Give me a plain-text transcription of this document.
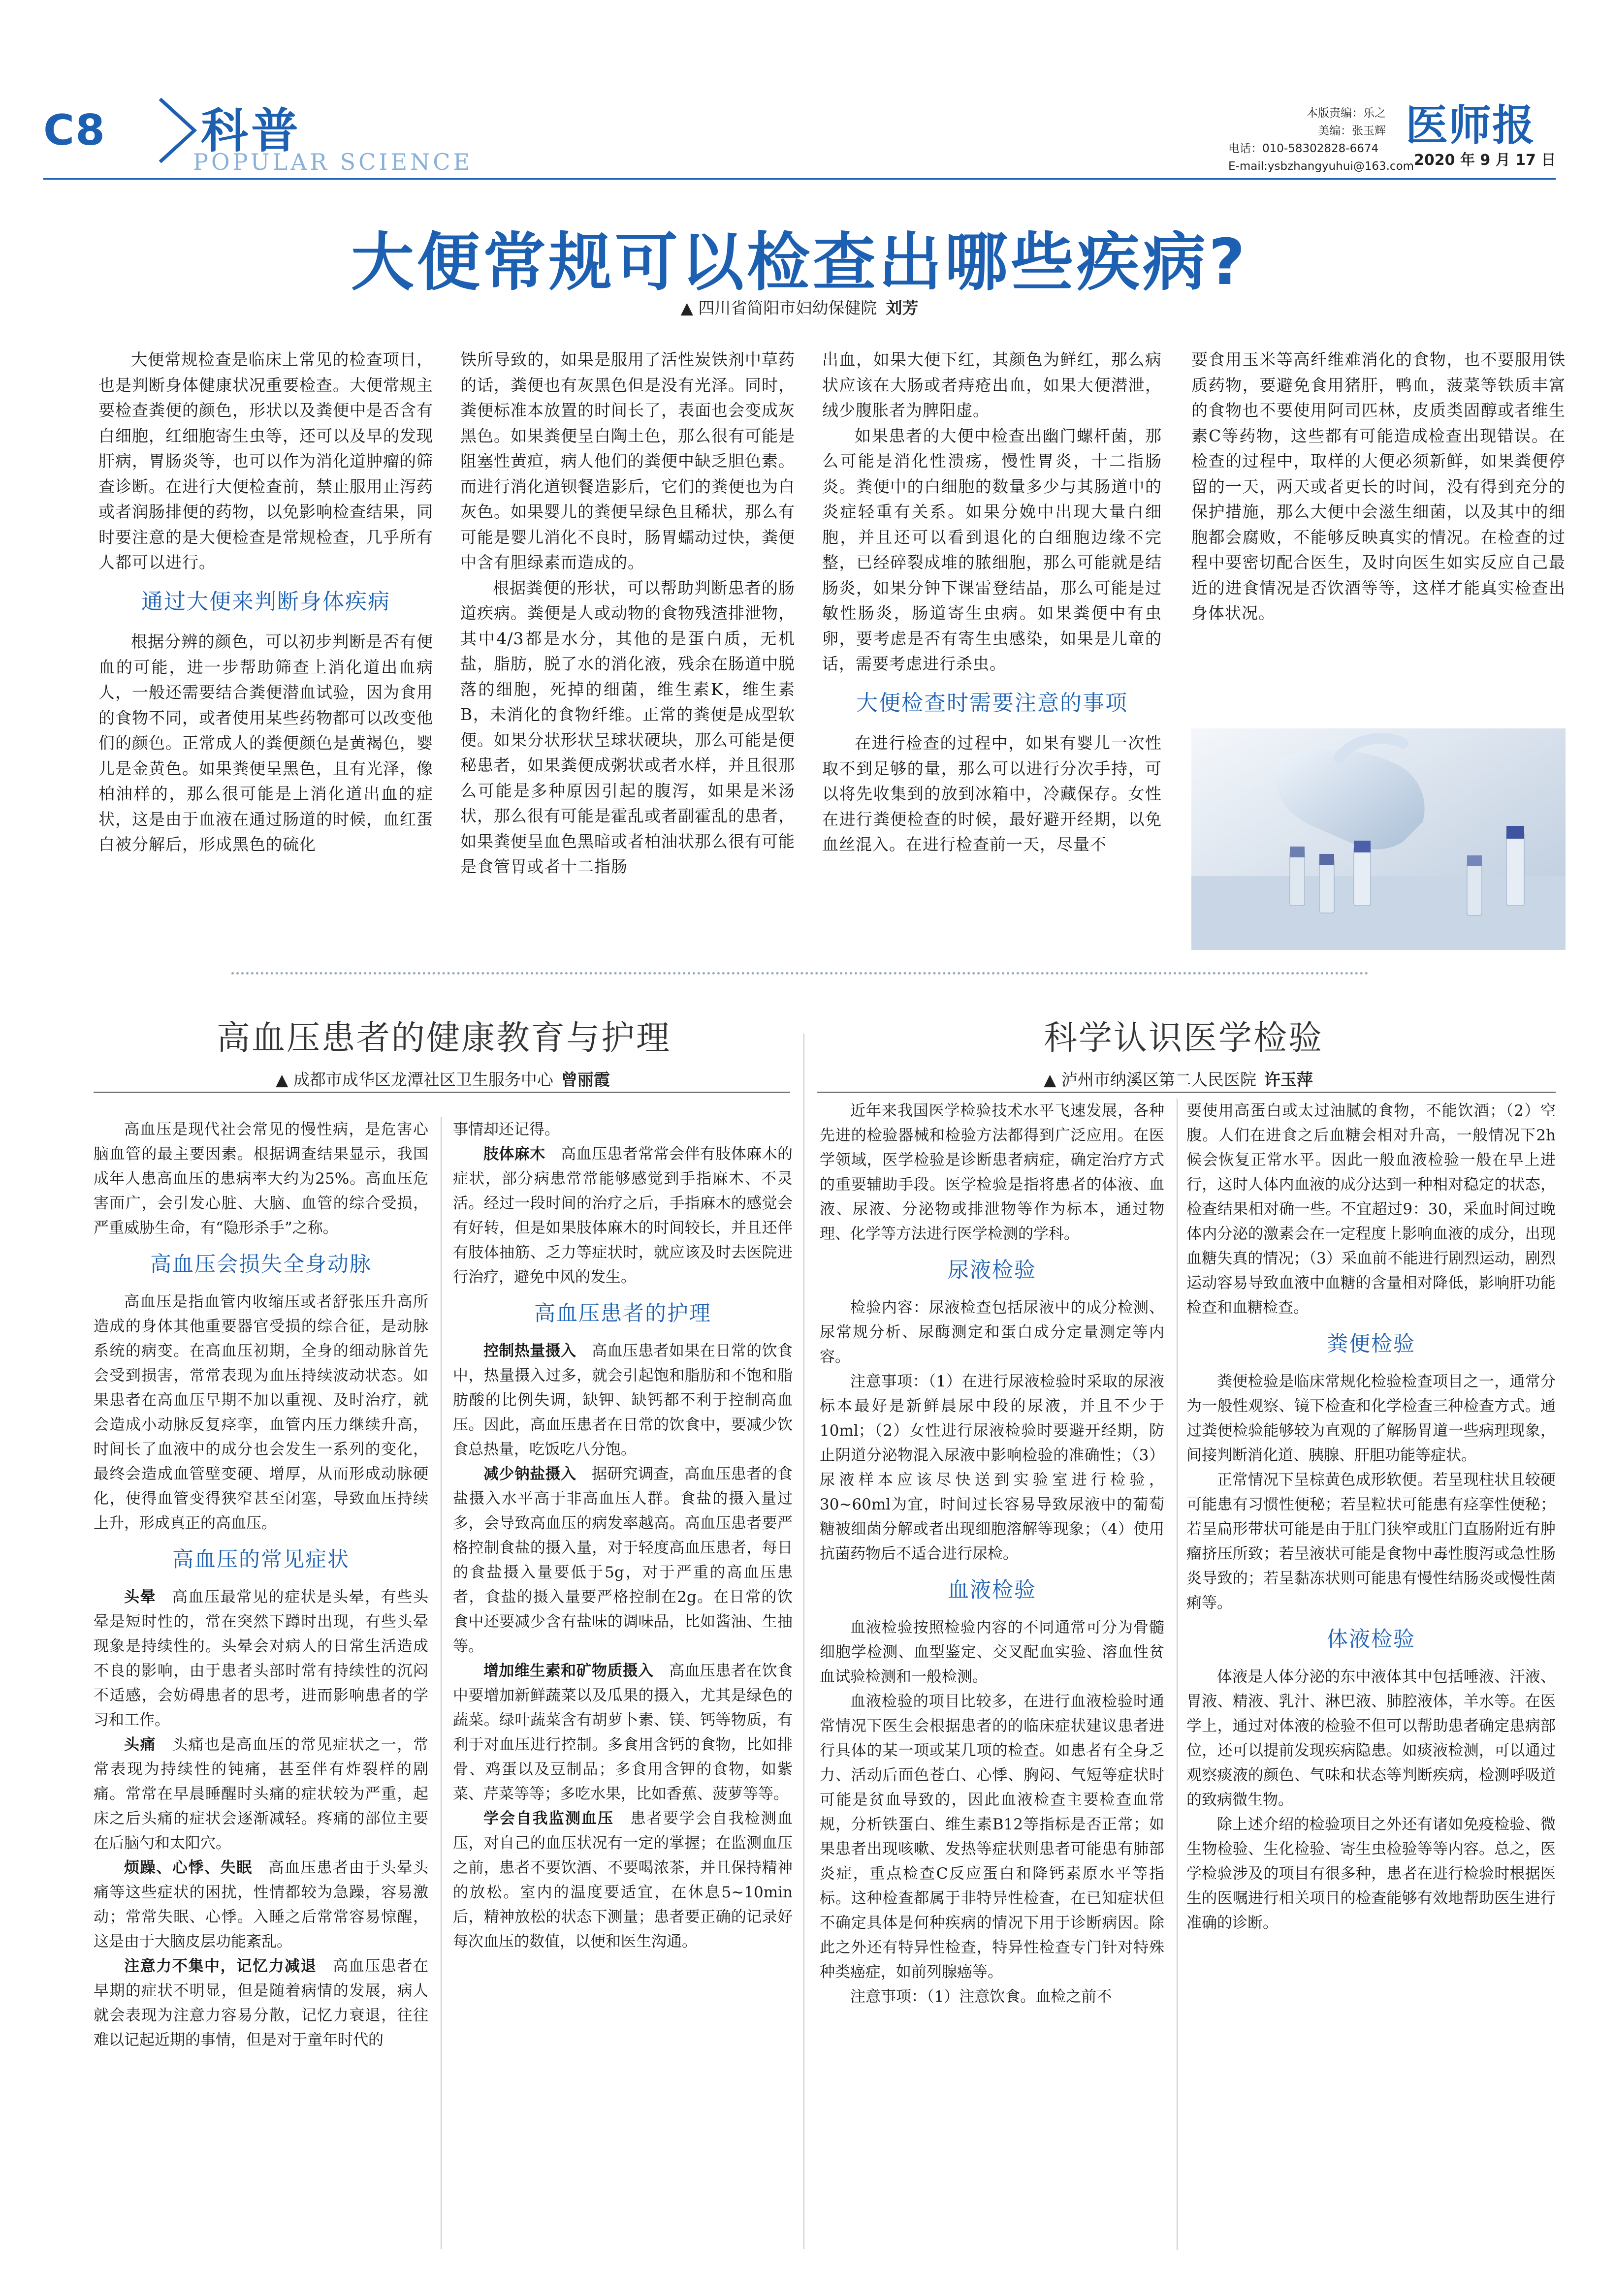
C8 科普
POPULAR SCIENCE
本版责编：乐之
美编：张玉辉
电话：010-58302828-6674
E-mail:ysbzhangyuhui@163.com
医师报
2020 年 9 月 17 日
大便常规可以检查出哪些疾病?
▲ 四川省简阳市妇幼保健院 刘芳

大便常规检查是临床上常见的检查项目，也是判断身体健康状况重要检查。大便常规主要检查粪便的颜色，形状以及粪便中是否含有白细胞，红细胞寄生虫等，还可以及早的发现肝病，胃肠炎等，也可以作为消化道肿瘤的筛查诊断。在进行大便检查前，禁止服用止泻药或者润肠排便的药物，以免影响检查结果，同时要注意的是大便检查是常规检查，几乎所有人都可以进行。

通过大便来判断身体疾病

根据分辨的颜色，可以初步判断是否有便血的可能，进一步帮助筛查上消化道出血病人，一般还需要结合粪便潜血试验，因为食用的食物不同，或者使用某些药物都可以改变他们的颜色。正常成人的粪便颜色是黄褐色，婴儿是金黄色。如果粪便呈黑色，且有光泽，像柏油样的，那么很可能是上消化道出血的症状，这是由于血液在通过肠道的时候，血红蛋白被分解后，形成黑色的硫化

铁所导致的，如果是服用了活性炭铁剂中草药的话，粪便也有灰黑色但是没有光泽。同时，粪便标准本放置的时间长了，表面也会变成灰黑色。如果粪便呈白陶土色，那么很有可能是阻塞性黄疸，病人他们的粪便中缺乏胆色素。而进行消化道钡餐造影后，它们的粪便也为白灰色。如果婴儿的粪便呈绿色且稀状，那么有可能是婴儿消化不良时，肠胃蠕动过快，粪便中含有胆绿素而造成的。

根据粪便的形状，可以帮助判断患者的肠道疾病。粪便是人或动物的食物残渣排泄物，其中4/3都是水分，其他的是蛋白质，无机盐，脂肪，脱了水的消化液，残余在肠道中脱落的细胞，死掉的细菌，维生素K，维生素B，未消化的食物纤维。正常的粪便是成型软便。如果分状形状呈球状硬块，那么可能是便秘患者，如果粪便成粥状或者水样，并且很那么可能是多种原因引起的腹泻，如果是米汤状，那么很有可能是霍乱或者副霍乱的患者，如果粪便呈血色黑暗或者柏油状那么很有可能是食管胃或者十二指肠

出血，如果大便下红，其颜色为鲜红，那么病状应该在大肠或者痔疮出血，如果大便潜泄，绒少腹胀者为脾阳虚。

如果患者的大便中检查出幽门螺杆菌，那么可能是消化性溃疡，慢性胃炎，十二指肠炎。粪便中的白细胞的数量多少与其肠道中的炎症轻重有关系。如果分娩中出现大量白细胞，并且还可以看到退化的白细胞边缘不完整，已经碎裂成堆的脓细胞，那么可能就是结肠炎，如果分钟下课雷登结晶，那么可能是过敏性肠炎，肠道寄生虫病。如果粪便中有虫卵，要考虑是否有寄生虫感染，如果是儿童的话，需要考虑进行杀虫。

大便检查时需要注意的事项

在进行检查的过程中，如果有婴儿一次性取不到足够的量，那么可以进行分次手持，可以将先收集到的放到冰箱中，冷藏保存。女性在进行粪便检查的时候，最好避开经期，以免血丝混入。在进行检查前一天，尽量不

要食用玉米等高纤维难消化的食物，也不要服用铁质药物，要避免食用猪肝，鸭血，菠菜等铁质丰富的食物也不要使用阿司匹林，皮质类固醇或者维生素C等药物，这些都有可能造成检查出现错误。在检查的过程中，取样的大便必须新鲜，如果粪便停留的一天，两天或者更长的时间，没有得到充分的保护措施，那么大便中会滋生细菌，以及其中的细胞都会腐败，不能够反映真实的情况。在检查的过程中要密切配合医生，及时向医生如实反应自己最近的进食情况是否饮酒等等，这样才能真实检查出身体状况。

高血压患者的健康教育与护理
▲ 成都市成华区龙潭社区卫生服务中心 曾丽霞

高血压是现代社会常见的慢性病，是危害心脑血管的最主要因素。根据调查结果显示，我国成年人患高血压的患病率大约为25%。高血压危害面广，会引发心脏、大脑、血管的综合受损，严重威胁生命，有“隐形杀手”之称。

高血压会损失全身动脉

高血压是指血管内收缩压或者舒张压升高所造成的身体其他重要器官受损的综合征，是动脉系统的病变。在高血压初期，全身的细动脉首先会受到损害，常常表现为血压持续波动状态。如果患者在高血压早期不加以重视、及时治疗，就会造成小动脉反复痉挛，血管内压力继续升高，时间长了血液中的成分也会发生一系列的变化，最终会造成血管壁变硬、增厚，从而形成动脉硬化，使得血管变得狭窄甚至闭塞，导致血压持续上升，形成真正的高血压。

高血压的常见症状

头晕　 高血压最常见的症状是头晕，有些头晕是短时性的，常在突然下蹲时出现，有些头晕现象是持续性的。头晕会对病人的日常生活造成不良的影响，由于患者头部时常有持续性的沉闷不适感，会妨碍患者的思考，进而影响患者的学习和工作。

头痛　 头痛也是高血压的常见症状之一，常常表现为持续性的钝痛，甚至伴有炸裂样的剧痛。常常在早晨睡醒时头痛的症状较为严重，起床之后头痛的症状会逐渐减轻。疼痛的部位主要在后脑勺和太阳穴。

烦躁、心悸、失眠　 高血压患者由于头晕头痛等这些症状的困扰，性情都较为急躁，容易激动；常常失眠、心悸。入睡之后常常容易惊醒，这是由于大脑皮层功能紊乱。

注意力不集中，记忆力减退　 高血压患者在早期的症状不明显，但是随着病情的发展，病人就会表现为注意力容易分散，记忆力衰退，往往难以记起近期的事情，但是对于童年时代的

事情却还记得。

肢体麻木　 高血压患者常常会伴有肢体麻木的症状，部分病患常常能够感觉到手指麻木、不灵活。经过一段时间的治疗之后，手指麻木的感觉会有好转，但是如果肢体麻木的时间较长，并且还伴有肢体抽筋、乏力等症状时，就应该及时去医院进行治疗，避免中风的发生。

高血压患者的护理

控制热量摄入　 高血压患者如果在日常的饮食中，热量摄入过多，就会引起饱和脂肪和不饱和脂肪酸的比例失调，缺钾、缺钙都不利于控制高血压。因此，高血压患者在日常的饮食中，要减少饮食总热量，吃饭吃八分饱。

减少钠盐摄入　 据研究调查，高血压患者的食盐摄入水平高于非高血压人群。食盐的摄入量过多，会导致高血压的病发率越高。高血压患者要严格控制食盐的摄入量，对于轻度高血压患者，每日的食盐摄入量要低于5g，对于严重的高血压患者，食盐的摄入量要严格控制在2g。在日常的饮食中还要减少含有盐味的调味品，比如酱油、生抽等。

增加维生素和矿物质摄入　 高血压患者在饮食中要增加新鲜蔬菜以及瓜果的摄入，尤其是绿色的蔬菜。绿叶蔬菜含有胡萝卜素、镁、钙等物质，有利于对血压进行控制。多食用含钙的食物，比如排骨、鸡蛋以及豆制品；多食用含钾的食物，如紫菜、芹菜等等；多吃水果，比如香蕉、菠萝等等。

学会自我监测血压　 患者要学会自我检测血压，对自己的血压状况有一定的掌握；在监测血压之前，患者不要饮酒、不要喝浓茶，并且保持精神的放松。室内的温度要适宜，在休息5~10min后，精神放松的状态下测量；患者要正确的记录好每次血压的数值，以便和医生沟通。

科学认识医学检验
▲ 泸州市纳溪区第二人民医院 许玉萍

近年来我国医学检验技术水平飞速发展，各种先进的检验器械和检验方法都得到广泛应用。在医学领域，医学检验是诊断患者病症，确定治疗方式的重要辅助手段。医学检验是指将患者的体液、血液、尿液、分泌物或排泄物等作为标本，通过物理、化学等方法进行医学检测的学科。

尿液检验

检验内容：尿液检查包括尿液中的成分检测、尿常规分析、尿酶测定和蛋白成分定量测定等内容。

注意事项：（1）在进行尿液检验时采取的尿液标本最好是新鲜晨尿中段的尿液，并且不少于10ml；（2）女性进行尿液检验时要避开经期，防止阴道分泌物混入尿液中影响检验的准确性；（3）尿液样本应该尽快送到实验室进行检验，30~60ml为宜，时间过长容易导致尿液中的葡萄糖被细菌分解或者出现细胞溶解等现象；（4）使用抗菌药物后不适合进行尿检。

血液检验

血液检验按照检验内容的不同通常可分为骨髓细胞学检测、血型鉴定、交叉配血实验、溶血性贫血试验检测和一般检测。

血液检验的项目比较多，在进行血液检验时通常情况下医生会根据患者的的临床症状建议患者进行具体的某一项或某几项的检查。如患者有全身乏力、活动后面色苍白、心悸、胸闷、气短等症状时可能是贫血导致的，因此血液检查主要检查血常规，分析铁蛋白、维生素B12等指标是否正常；如果患者出现咳嗽、发热等症状则患者可能患有肺部炎症，重点检查C反应蛋白和降钙素原水平等指标。这种检查都属于非特异性检查，在已知症状但不确定具体是何种疾病的情况下用于诊断病因。除此之外还有特异性检查，特异性检查专门针对特殊种类癌症，如前列腺癌等。

注意事项：（1）注意饮食。血检之前不

要使用高蛋白或太过油腻的食物，不能饮酒；（2）空腹。人们在进食之后血糖会相对升高，一般情况下2h候会恢复正常水平。因此一般血液检验一般在早上进行，这时人体内血液的成分达到一种相对稳定的状态，检查结果相对确一些。不宜超过9：30，采血时间过晚体内分泌的激素会在一定程度上影响血液的成分，出现血糖失真的情况；（3）采血前不能进行剧烈运动，剧烈运动容易导致血液中血糖的含量相对降低，影响肝功能检查和血糖检查。

粪便检验

粪便检验是临床常规化检验检查项目之一，通常分为一般性观察、镜下检查和化学检查三种检查方式。通过粪便检验能够较为直观的了解肠胃道一些病理现象，间接判断消化道、胰腺、肝胆功能等症状。

正常情况下呈棕黄色成形软便。若呈现柱状且较硬可能患有习惯性便秘；若呈粒状可能患有痉挛性便秘；若呈扁形带状可能是由于肛门狭窄或肛门直肠附近有肿瘤挤压所致；若呈液状可能是食物中毒性腹泻或急性肠炎导致的；若呈黏冻状则可能患有慢性结肠炎或慢性菌痢等。

体液检验

体液是人体分泌的东中液体其中包括唾液、汗液、胃液、精液、乳汁、淋巴液、肺腔液体，羊水等。在医学上，通过对体液的检验不但可以帮助患者确定患病部位，还可以提前发现疾病隐患。如痰液检测，可以通过观察痰液的颜色、气味和状态等判断疾病，检测呼吸道的致病微生物。

除上述介绍的检验项目之外还有诸如免疫检验、微生物检验、生化检验、寄生虫检验等等内容。总之，医学检验涉及的项目有很多种，患者在进行检验时根据医生的医嘱进行相关项目的检查能够有效地帮助医生进行准确的诊断。
